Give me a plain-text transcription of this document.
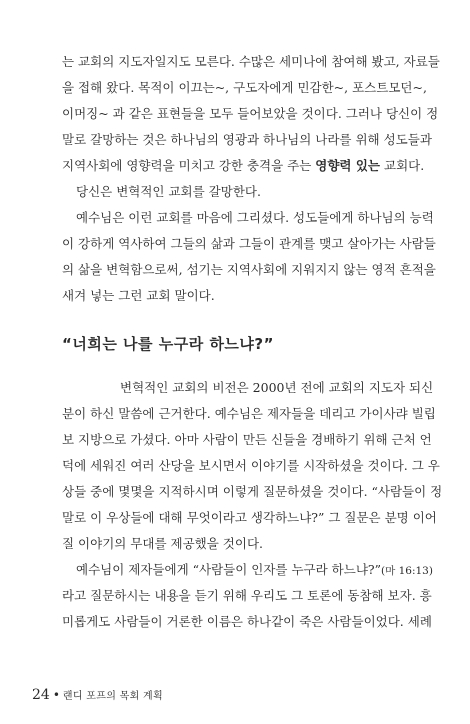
는 교회의 지도자일지도 모른다. 수많은 세미나에 참여해 봤고, 자료들
을 접해 왔다. 목적이 이끄는~, 구도자에게 민감한~, 포스트모던~,
이머징~ 과 같은 표현들을 모두 들어보았을 것이다. 그러나 당신이 정
말로 갈망하는 것은 하나님의 영광과 하나님의 나라를 위해 성도들과
지역사회에 영향력을 미치고 강한 충격을 주는 영향력 있는 교회다.
당신은 변혁적인 교회를 갈망한다.
예수님은 이런 교회를 마음에 그리셨다. 성도들에게 하나님의 능력
이 강하게 역사하여 그들의 삶과 그들이 관계를 맺고 살아가는 사람들
의 삶을 변혁함으로써, 섬기는 지역사회에 지워지지 않는 영적 흔적을
새겨 넣는 그런 교회 말이다.
“너희는 나를 누구라 하느냐?”
변혁적인 교회의 비전은 2000년 전에 교회의 지도자 되신
분이 하신 말씀에 근거한다. 예수님은 제자들을 데리고 가이사랴 빌립
보 지방으로 가셨다. 아마 사람이 만든 신들을 경배하기 위해 근처 언
덕에 세워진 여러 산당을 보시면서 이야기를 시작하셨을 것이다. 그 우
상들 중에 몇몇을 지적하시며 이렇게 질문하셨을 것이다. “사람들이 정
말로 이 우상들에 대해 무엇이라고 생각하느냐?” 그 질문은 분명 이어
질 이야기의 무대를 제공했을 것이다.
예수님이 제자들에게 “사람들이 인자를 누구라 하느냐?”(마 16:13)
라고 질문하시는 내용을 듣기 위해 우리도 그 토론에 동참해 보자. 흥
미롭게도 사람들이 거론한 이름은 하나같이 죽은 사람들이었다. 세례
24 • 랜디 포프의 목회 계획
